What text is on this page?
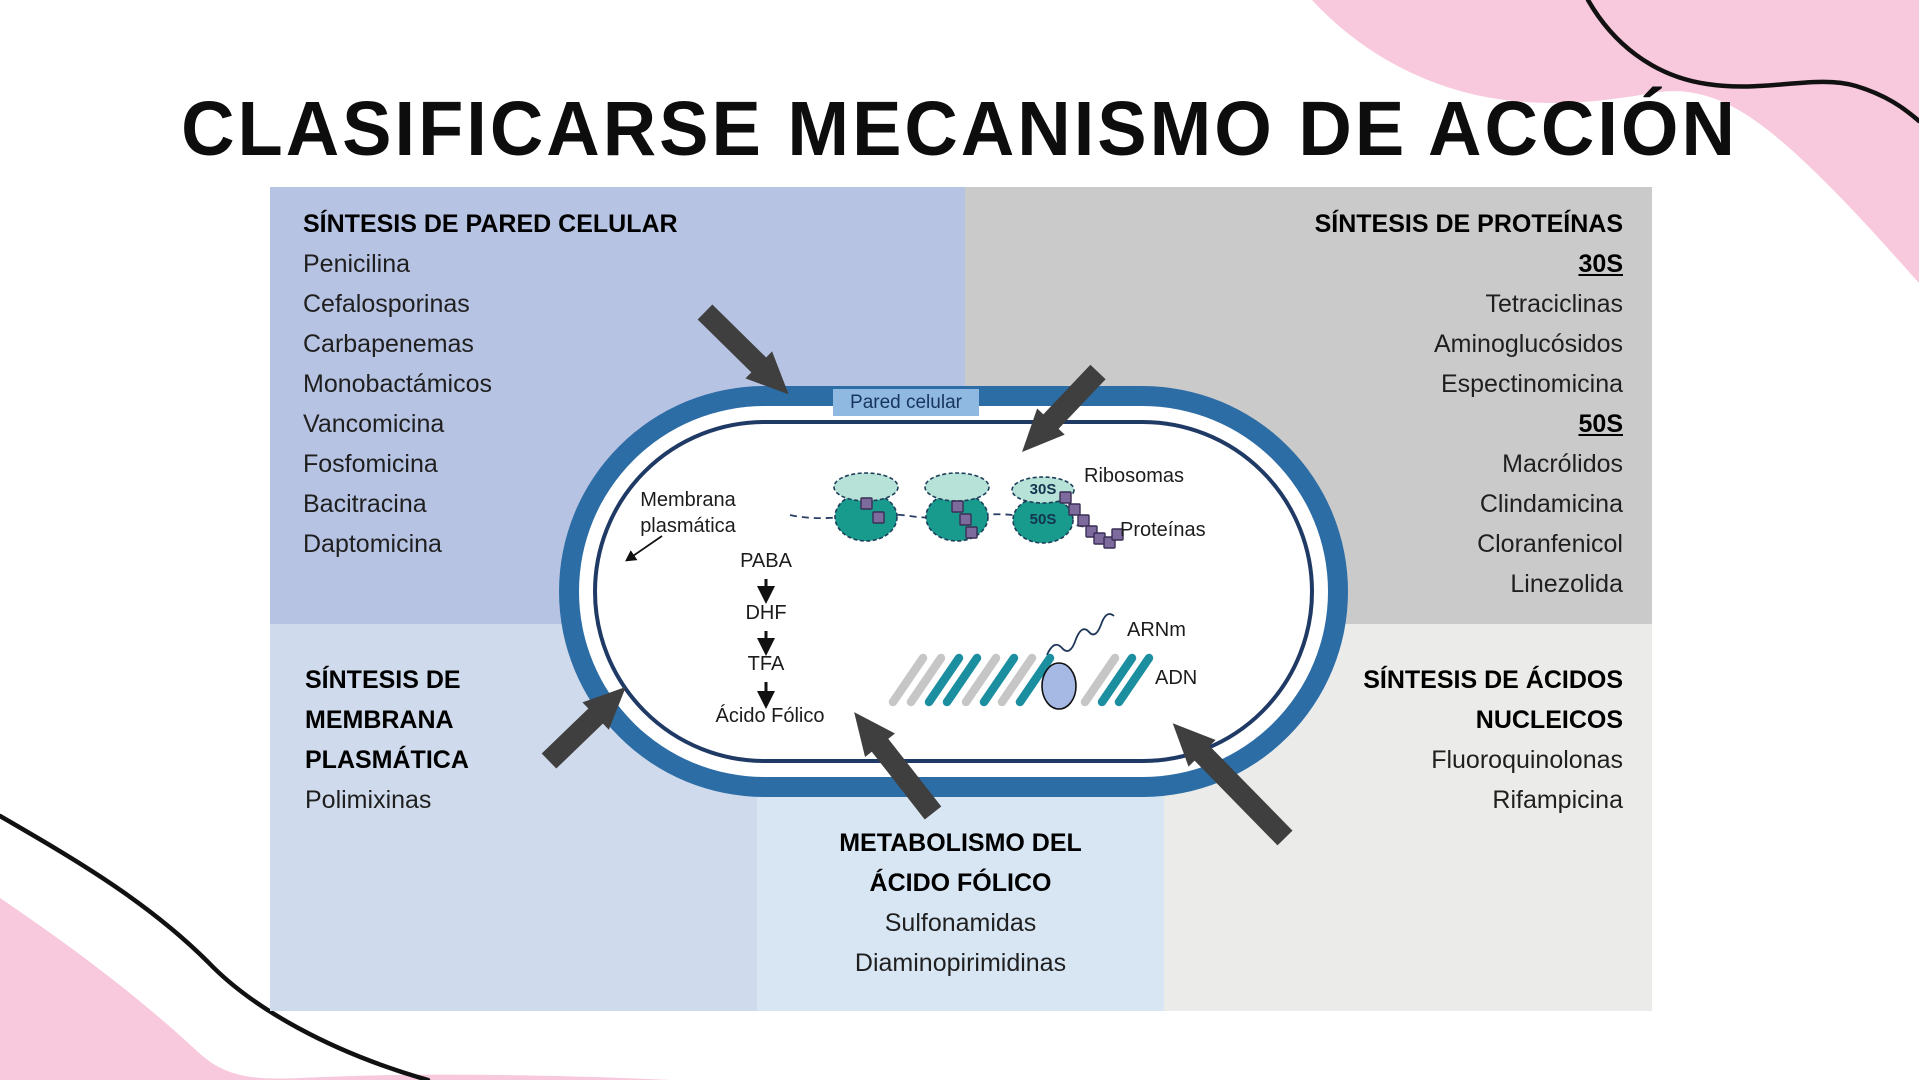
CLASIFICARSE MECANISMO DE ACCIÓN
SÍNTESIS DE PARED CELULAR
Penicilina
Cefalosporinas
Carbapenemas
Monobactámicos
Vancomicina
Fosfomicina
Bacitracina
Daptomicina
SÍNTESIS DE PROTEÍNAS
30S
Tetraciclinas
Aminoglucósidos
Espectinomicina
50S
Macrólidos
Clindamicina
Cloranfenicol
Linezolida
SÍNTESIS DE
MEMBRANA
PLASMÁTICA
Polimixinas
SÍNTESIS DE ÁCIDOS
NUCLEICOS
Fluoroquinolonas
Rifampicina
METABOLISMO DEL
ÁCIDO FÓLICO
Sulfonamidas
Diaminopirimidinas
Pared celular
Membrana
plasmática
PABA
DHF
TFA
Ácido Fólico
Ribosomas
Proteínas
ARNm
ADN
30S
50S
